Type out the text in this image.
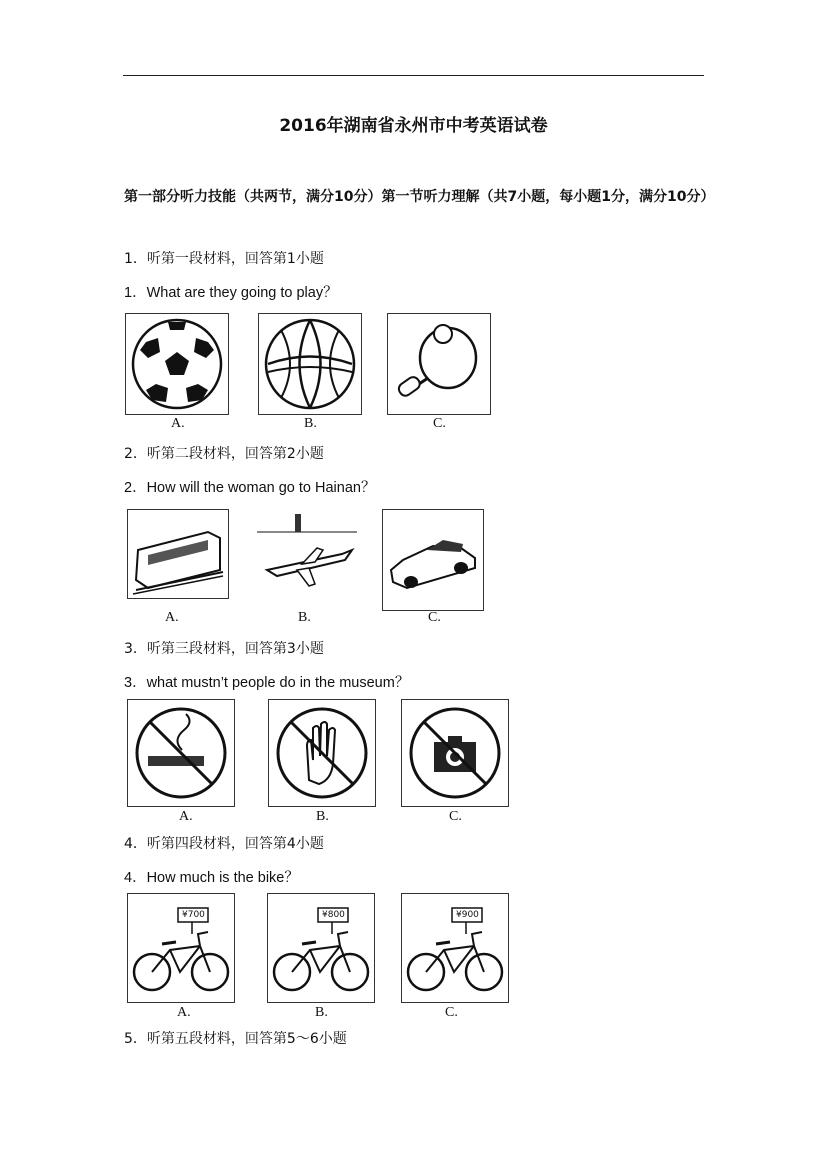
2016年湖南省永州市中考英语试卷
第一部分听力技能（共两节，满分10分）第一节听力理解（共7小题，每小题1分，满分10分）
1．听第一段材料，回答第1小题
1．What are they going to play？
A.	B.	C.
2．听第二段材料，回答第2小题
2．How will the woman go to Hainan？
A.	B.	C.
3．听第三段材料，回答第3小题
3．what mustn’t people do in the museum？
A.	B.	C.
4．听第四段材料，回答第4小题
4．How much is the bike？
¥700
A.
¥800
B.
¥900
C.
5．听第五段材料，回答第5～6小题
